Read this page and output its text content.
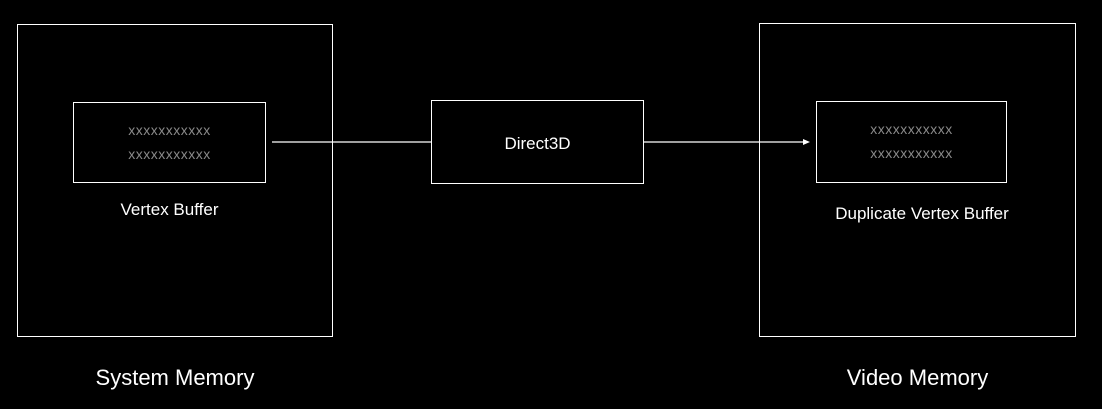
xxxxxxxxxxx
xxxxxxxxxxx
Vertex Buffer
System Memory
Direct3D
xxxxxxxxxxx
xxxxxxxxxxx
Duplicate Vertex Buffer
Video Memory
